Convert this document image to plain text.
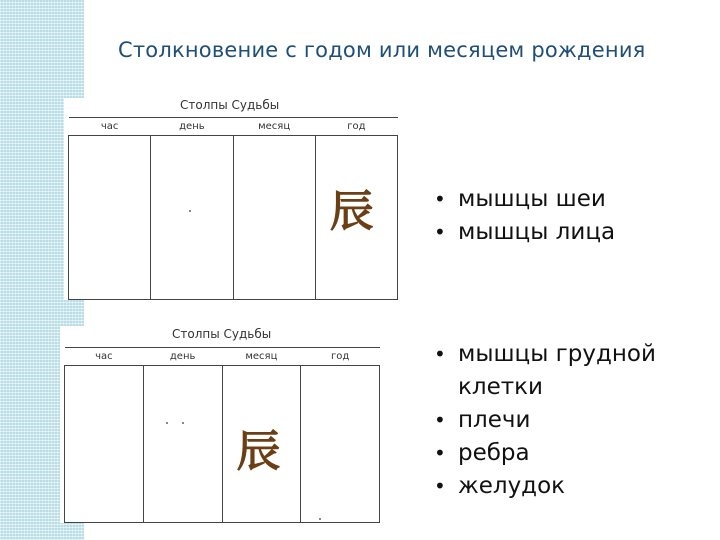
Столкновение с годом или месяцем рождения
Столпы Судьбы
час	день	месяц	год

			辰
Столпы Судьбы
час	день	месяц	год

		辰	

• мышцы шеи
• мышцы лица
• мышцы грудной клетки
• плечи
• ребра
• желудок
